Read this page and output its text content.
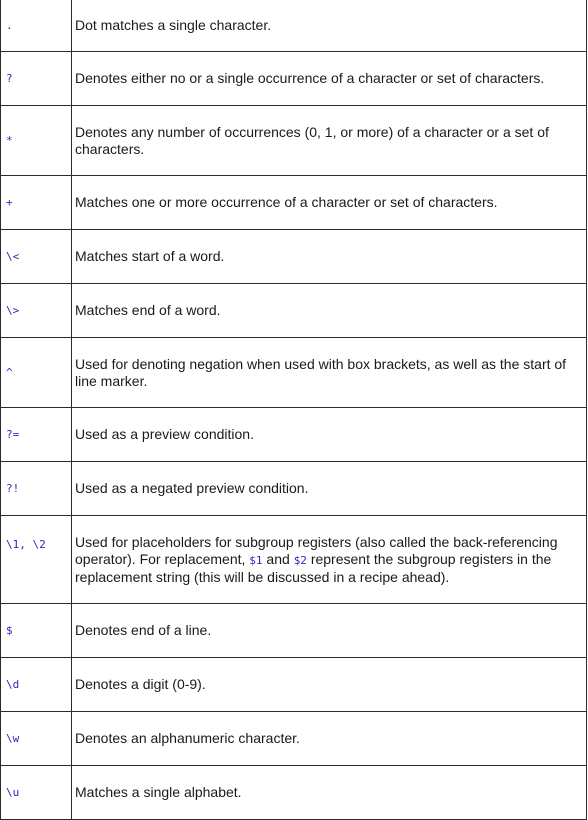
.	Dot matches a single character.
?	Denotes either no or a single occurrence of a character or set of characters.
*	Denotes any number of occurrences (0, 1, or more) of a character or a set of characters.
+	Matches one or more occurrence of a character or set of characters.
\<	Matches start of a word.
\>	Matches end of a word.
^	Used for denoting negation when used with box brackets, as well as the start of line marker.
?=	Used as a preview condition.
?!	Used as a negated preview condition.
\1, \2	Used for placeholders for subgroup registers (also called the back-referencing operator). For replacement, $1 and $2 represent the subgroup registers in the replacement string (this will be discussed in a recipe ahead).
$	Denotes end of a line.
\d	Denotes a digit (0-9).
\w	Denotes an alphanumeric character.
\u	Matches a single alphabet.
